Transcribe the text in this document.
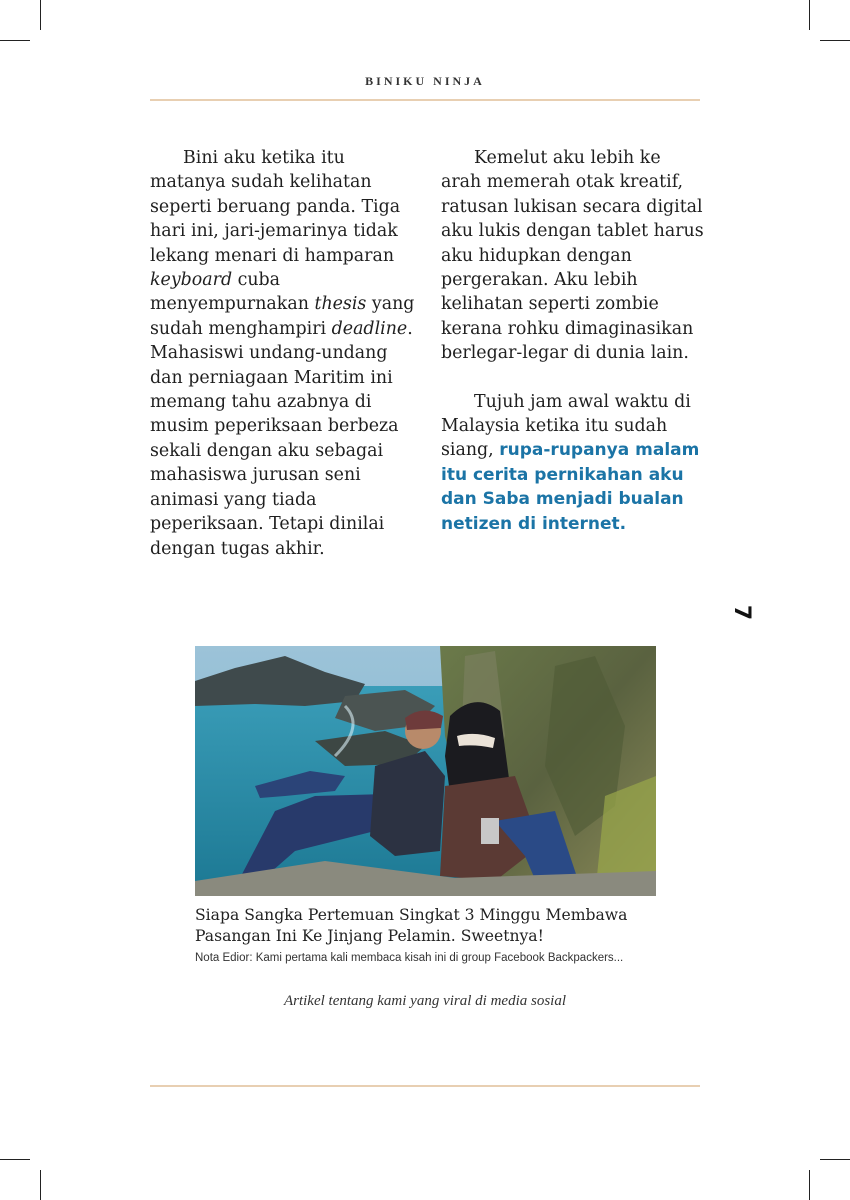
BINIKU NINJA

Bini aku ketika itu matanya sudah kelihatan seperti beruang panda. Tiga hari ini, jari-jemarinya tidak lekang menari di hamparan keyboard cuba menyempurnakan thesis yang sudah menghampiri deadline. Mahasiswi undang-undang dan perniagaan Maritim ini memang tahu azabnya di musim peperiksaan berbeza sekali dengan aku sebagai mahasiswa jurusan seni animasi yang tiada peperiksaan. Tetapi dinilai dengan tugas akhir.

Kemelut aku lebih ke arah memerah otak kreatif, ratusan lukisan secara digital aku lukis dengan tablet harus aku hidupkan dengan pergerakan. Aku lebih kelihatan seperti zombie kerana rohku dimaginasikan berlegar-legar di dunia lain.

Tujuh jam awal waktu di Malaysia ketika itu sudah siang, rupa-rupanya malam itu cerita pernikahan aku dan Saba menjadi bualan netizen di internet.

7
Siapa Sangka Pertemuan Singkat 3 Minggu Membawa Pasangan Ini Ke Jinjang Pelamin. Sweetnya!
Nota Edior: Kami pertama kali membaca kisah ini di group Facebook Backpackers...
Artikel tentang kami yang viral di media sosial
